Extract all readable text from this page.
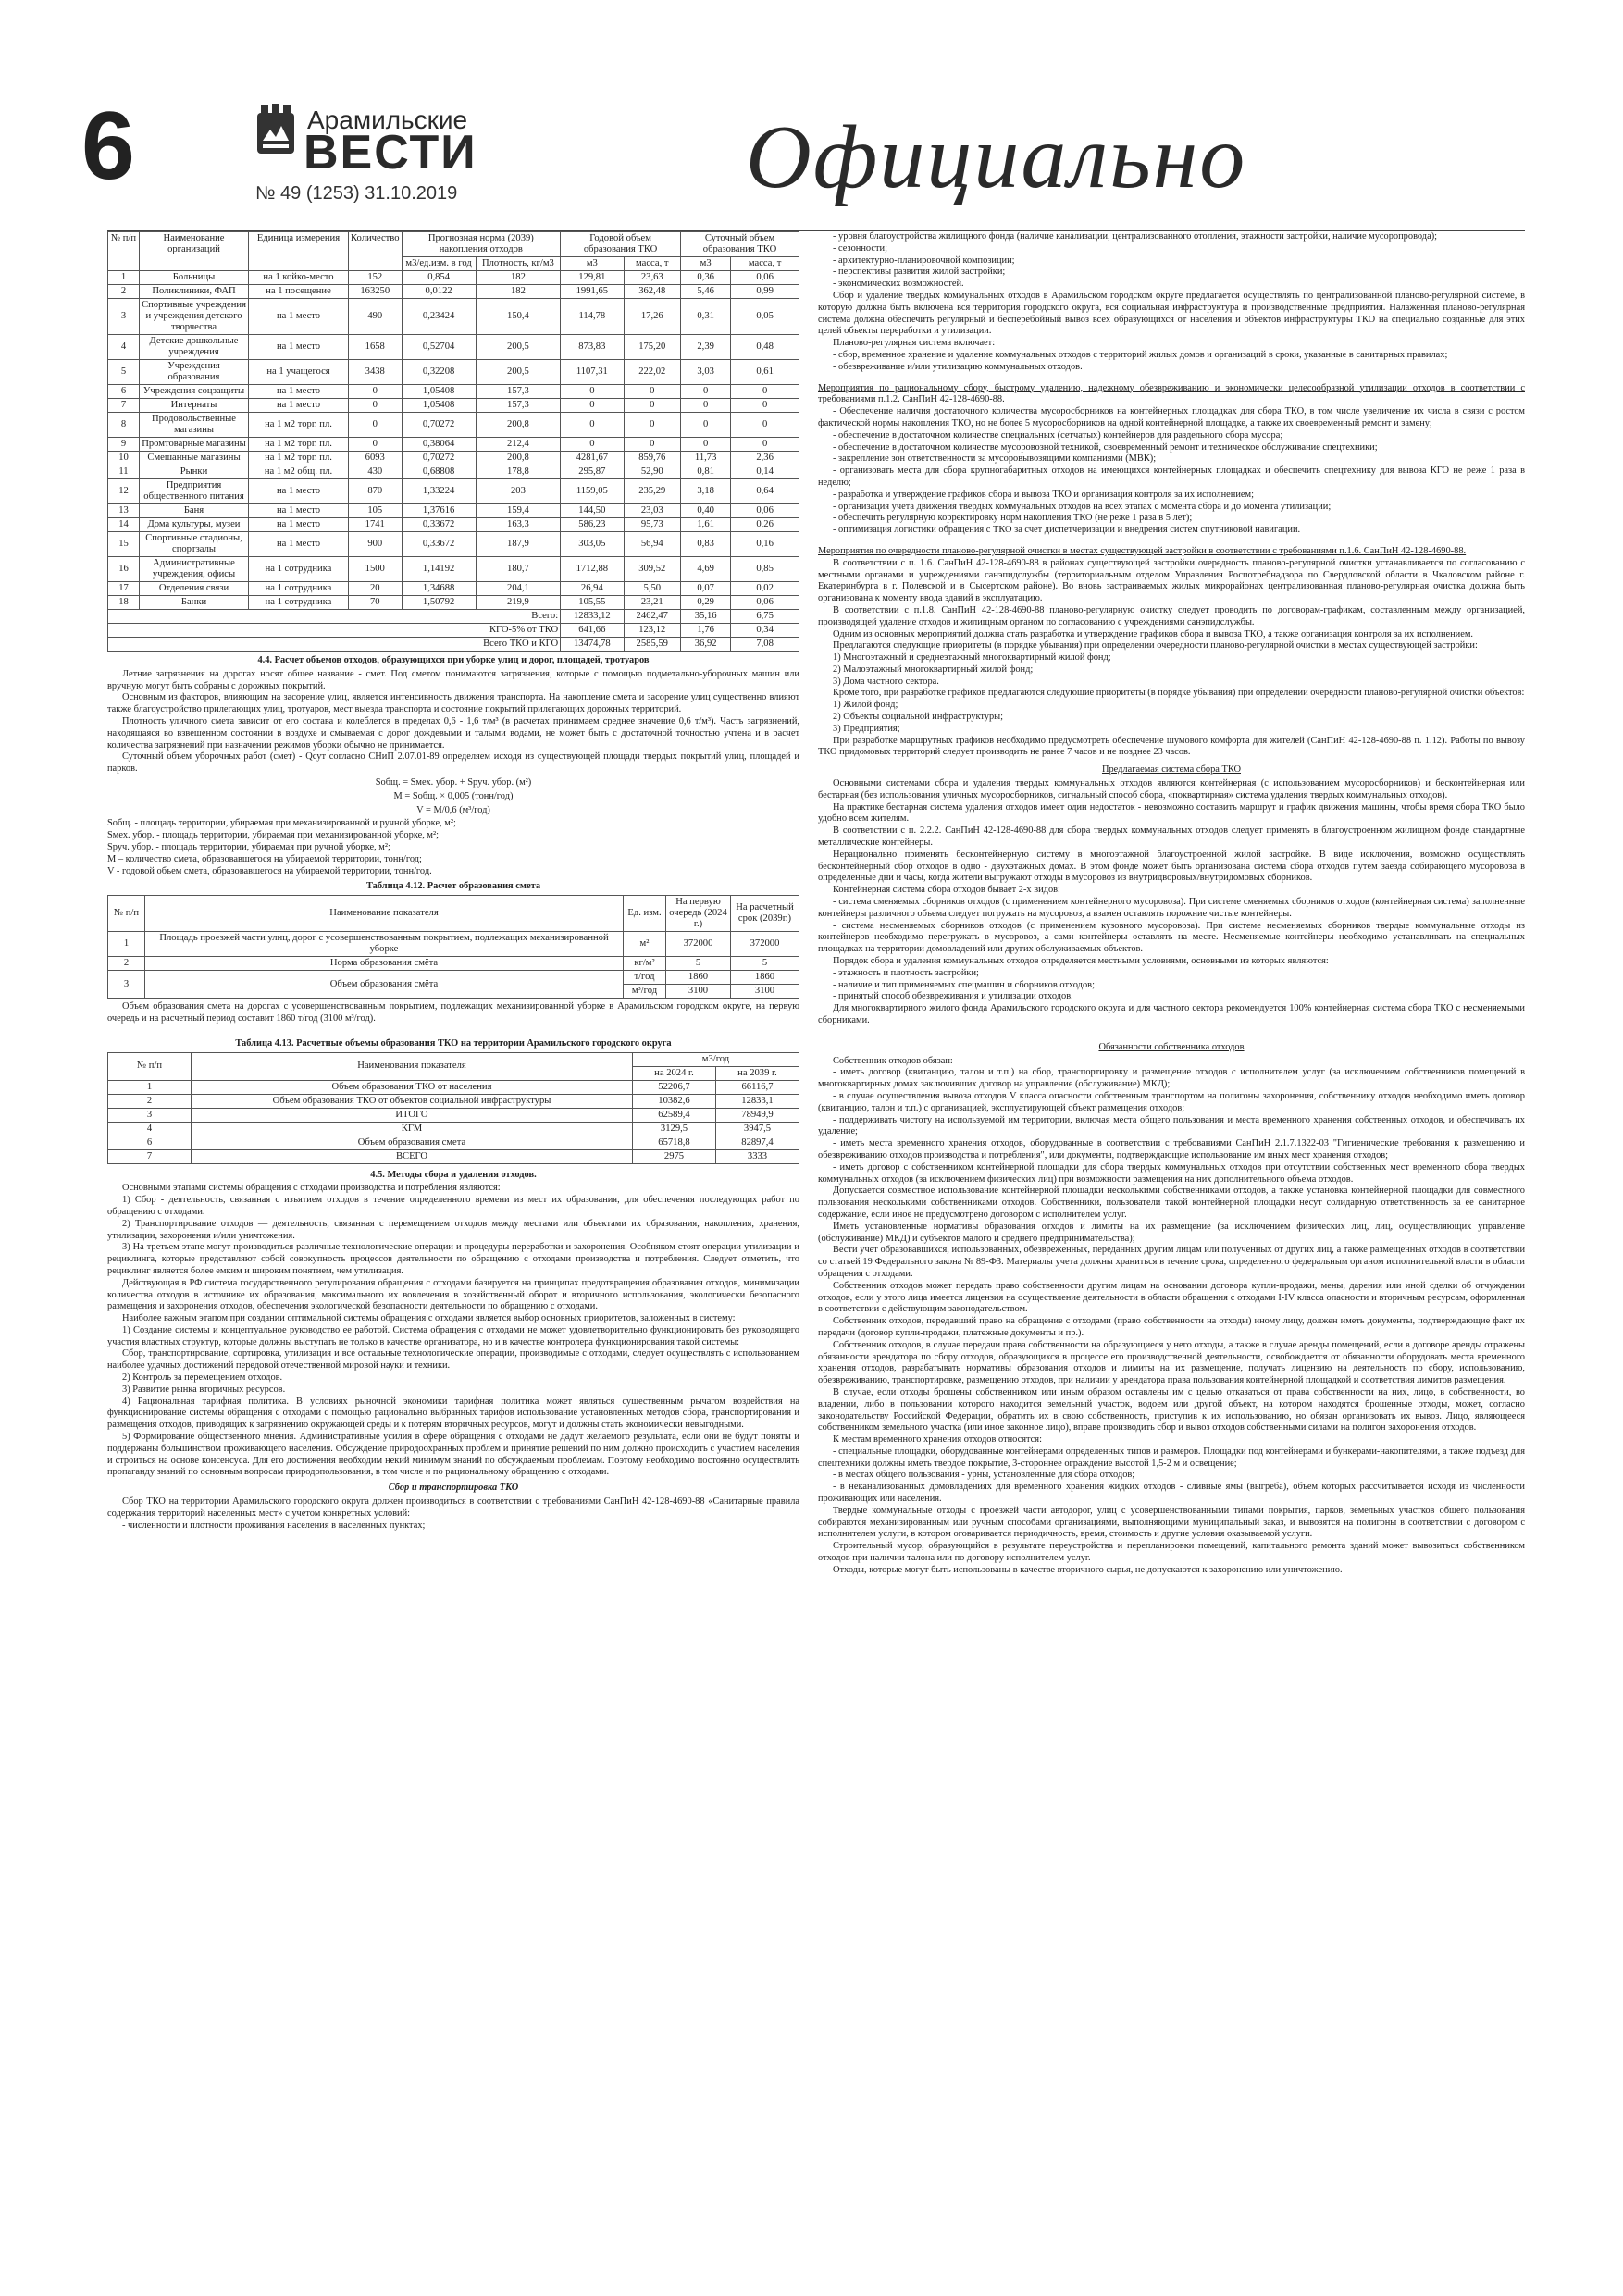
6	Арамильские
ВЕСТИ
№ 49 (1253) 31.10.2019	Официально
№ п/п	Наименование организаций	Единица измерения	Количество	Прогнозная норма (2039) накопления отходов		Годовой объем образования ТКО		Суточный объем образования ТКО	
				м3/ед.изм. в год	Плотность, кг/м3	м3	масса, т	м3	масса, т
1	Больницы	на 1 койко-место	152	0,854	182	129,81	23,63	0,36	0,06
2	Поликлиники, ФАП	на 1 посещение	163250	0,0122	182	1991,65	362,48	5,46	0,99
3	Спортивные учреждения и учреждения детского творчества	на 1 место	490	0,23424	150,4	114,78	17,26	0,31	0,05
4	Детские дошкольные учреждения	на 1 место	1658	0,52704	200,5	873,83	175,20	2,39	0,48
5	Учреждения образования	на 1 учащегося	3438	0,32208	200,5	1107,31	222,02	3,03	0,61
6	Учреждения соцзащиты	на 1 место	0	1,05408	157,3	0	0	0	0
7	Интернаты	на 1 место	0	1,05408	157,3	0	0	0	0
8	Продовольственные магазины	на 1 м2 торг. пл.	0	0,70272	200,8	0	0	0	0
9	Промтоварные магазины	на 1 м2 торг. пл.	0	0,38064	212,4	0	0	0	0
10	Смешанные магазины	на 1 м2 торг. пл.	6093	0,70272	200,8	4281,67	859,76	11,73	2,36
11	Рынки	на 1 м2 общ. пл.	430	0,68808	178,8	295,87	52,90	0,81	0,14
12	Предприятия общественного питания	на 1 место	870	1,33224	203	1159,05	235,29	3,18	0,64
13	Баня	на 1 место	105	1,37616	159,4	144,50	23,03	0,40	0,06
14	Дома культуры, музеи	на 1 место	1741	0,33672	163,3	586,23	95,73	1,61	0,26
15	Спортивные стадионы, спортзалы	на 1 место	900	0,33672	187,9	303,05	56,94	0,83	0,16
16	Административные учреждения, офисы	на 1 сотрудника	1500	1,14192	180,7	1712,88	309,52	4,69	0,85
17	Отделения связи	на 1 сотрудника	20	1,34688	204,1	26,94	5,50	0,07	0,02
18	Банки	на 1 сотрудника	70	1,50792	219,9	105,55	23,21	0,29	0,06
Всего:						12833,12	2462,47	35,16	6,75
КГО-5% от ТКО						641,66	123,12	1,76	0,34
Всего ТКО и КГО						13474,78	2585,59	36,92	7,08

4.4. Расчет объемов отходов, образующихся при уборке улиц и дорог, площадей, тротуаров

Летние загрязнения на дорогах носят общее название - смет. Под сметом понимаются загрязнения, которые с помощью подметально-уборочных машин или вручную могут быть собраны с дорожных покрытий.

Основным из факторов, влияющим на засорение улиц, является интенсивность движения транспорта. На накопление смета и засорение улиц существенно влияют также благоустройство прилегающих улиц, тротуаров, мест выезда транспорта и состояние покрытий прилегающих дорожных территорий.

Плотность уличного смета зависит от его состава и колеблется в пределах 0,6 - 1,6 т/м³ (в расчетах принимаем среднее значение 0,6 т/м³). Часть загрязнений, находящаяся во взвешенном состоянии в воздухе и смываемая с дорог дождевыми и талыми водами, не может быть с достаточной точностью учтена и в расчет количества загрязнений при назначении режимов уборки обычно не принимается.

Суточный объем уборочных работ (смет) - Qсут согласно СНиП 2.07.01-89 определяем исходя из существующей площади твердых покрытий улиц, площадей и парков.

Sобщ. = Sмех. убор. + Sруч. убор. (м²)

M = Sобщ. × 0,005 (тонн/год)

V = M/0,6 (м³/год)

Sобщ. - площадь территории, убираемая при механизированной и ручной уборке, м²;

Sмех. убор. - площадь территории, убираемая при механизированной уборке, м²;

Sруч. убор. - площадь территории, убираемая при ручной уборке, м²;

М – количество смета, образовавшегося на убираемой территории, тонн/год;

V - годовой объем смета, образовавшегося на убираемой территории, тонн/год.

Таблица 4.12. Расчет образования смета

№ п/п	Наименование показателя	Ед. изм.	На первую очередь (2024 г.)	На расчетный срок (2039г.)
1	Площадь проезжей части улиц, дорог с усовершенствованным покрытием, подлежащих механизированной уборке	м²	372000	372000
2	Норма образования смёта	кг/м²	5	5
3	Объем образования смёта	т/год	1860	1860
		м³/год	3100	3100

Объем образования смета на дорогах с усовершенствованным покрытием, подлежащих механизированной уборке в Арамильском городском округе, на первую очередь и на расчетный период составит 1860 т/год (3100 м³/год).

Таблица 4.13. Расчетные объемы образования ТКО на территории Арамильского городского округа

№ п/п	Наименования показателя	м3/год	
		на 2024 г.	на 2039 г.
1	Объем образования ТКО от населения	52206,7	66116,7
2	Объем образования ТКО от объектов социальной инфраструктуры	10382,6	12833,1
3	ИТОГО	62589,4	78949,9
4	КГМ	3129,5	3947,5
6	Объем образования смета	65718,8	82897,4
7	ВСЕГО	2975	3333

4.5. Методы сбора и удаления отходов.

Основными этапами системы обращения с отходами производства и потребления являются:

1) Сбор - деятельность, связанная с изъятием отходов в течение определенного времени из мест их образования, для обеспечения последующих работ по обращению с отходами.

2) Транспортирование отходов — деятельность, связанная с перемещением отходов между местами или объектами их образования, накопления, хранения, утилизации, захоронения и/или уничтожения.

3) На третьем этапе могут производиться различные технологические операции и процедуры переработки и захоронения. Особняком стоят операции утилизации и рециклинга, которые представляют собой совокупность процессов деятельности по обращению с отходами производства и потребления. Следует отметить, что рециклинг является более емким и широким понятием, чем утилизация.

Действующая в РФ система государственного регулирования обращения с отходами базируется на принципах предотвращения образования отходов, минимизации количества отходов в источнике их образования, максимального их вовлечения в хозяйственный оборот и вторичного использования, экологически безопасного размещения и захоронения отходов, обеспечения экологической безопасности деятельности по обращению с отходами.

Наиболее важным этапом при создании оптимальной системы обращения с отходами является выбор основных приоритетов, заложенных в систему:

1) Создание системы и концептуальное руководство ее работой. Система обращения с отходами не может удовлетворительно функционировать без руководящего участия властных структур, которые должны выступать не только в качестве организатора, но и в качестве контролера функционирования такой системы:

Сбор, транспортирование, сортировка, утилизация и все остальные технологические операции, производимые с отходами, следует осуществлять с использованием наиболее удачных достижений передовой отечественной мировой науки и техники.

2) Контроль за перемещением отходов.

3) Развитие рынка вторичных ресурсов.

4) Рациональная тарифная политика. В условиях рыночной экономики тарифная политика может являться существенным рычагом воздействия на функционирование системы обращения с отходами с помощью рационально выбранных тарифов использование установленных методов сбора, транспортирования и размещения отходов, приводящих к загрязнению окружающей среды и к потерям вторичных ресурсов, могут и должны стать экономически невыгодными.

5) Формирование общественного мнения. Административные усилия в сфере обращения с отходами не дадут желаемого результата, если они не будут поняты и поддержаны большинством проживающего населения. Обсуждение природоохранных проблем и принятие решений по ним должно происходить с участием населения и строиться на основе консенсуса. Для его достижения необходим некий минимум знаний по обсуждаемым проблемам. Поэтому необходимо постоянно осуществлять пропаганду знаний по основным вопросам природопользования, в том числе и по рациональному обращению с отходами.

Сбор и транспортировка ТКО

Сбор ТКО на территории Арамильского городского округа должен производиться в соответствии с требованиями СанПиН 42-128-4690-88 «Санитарные правила содержания территорий населенных мест» с учетом конкретных условий:

- численности и плотности проживания населения в населенных пунктах;

- уровня благоустройства жилищного фонда (наличие канализации, централизованного отопления, этажности застройки, наличие мусоропровода);

- сезонности;

- архитектурно-планировочной композиции;

- перспективы развития жилой застройки;

- экономических возможностей.

Сбор и удаление твердых коммунальных отходов в Арамильском городском округе предлагается осуществлять по централизованной планово-регулярной системе, в которую должна быть включена вся территория городского округа, вся социальная инфраструктура и производственные предприятия. Налаженная планово-регулярная система должна обеспечить регулярный и бесперебойный вывоз всех образующихся от населения и объектов инфраструктуры ТКО на специально созданные для этих целей объекты переработки и утилизации.

Планово-регулярная система включает:

- сбор, временное хранение и удаление коммунальных отходов с территорий жилых домов и организаций в сроки, указанные в санитарных правилах;

- обезвреживание и/или утилизацию коммунальных отходов.

Мероприятия по рациональному сбору, быстрому удалению, надежному обезвреживанию и экономически целесообразной утилизации отходов в соответствии с требованиями п.1.2. СанПиН 42-128-4690-88.

- Обеспечение наличия достаточного количества мусоросборников на контейнерных площадках для сбора ТКО, в том числе увеличение их числа в связи с ростом фактической нормы накопления ТКО, но не более 5 мусоросборников на одной контейнерной площадке, а также их своевременный ремонт и замену;

- обеспечение в достаточном количестве специальных (сетчатых) контейнеров для раздельного сбора мусора;

- обеспечение в достаточном количестве мусоровозной техникой, своевременный ремонт и техническое обслуживание спецтехники;

- закрепление зон ответственности за мусоровывозящими компаниями (МВК);

- организовать места для сбора крупногабаритных отходов на имеющихся контейнерных площадках и обеспечить спецтехнику для вывоза КГО не реже 1 раза в неделю;

- разработка и утверждение графиков сбора и вывоза ТКО и организация контроля за их исполнением;

- организация учета движения твердых коммунальных отходов на всех этапах с момента сбора и до момента утилизации;

- обеспечить регулярную корректировку норм накопления ТКО (не реже 1 раза в 5 лет);

- оптимизация логистики обращения с ТКО за счет диспетчеризации и внедрения систем спутниковой навигации.

Мероприятия по очередности планово-регулярной очистки в местах существующей застройки в соответствии с требованиями п.1.6. СанПиН 42-128-4690-88.

В соответствии с п. 1.6. СанПиН 42-128-4690-88 в районах существующей застройки очередность планово-регулярной очистки устанавливается по согласованию с местными органами и учреждениями санэпидслужбы (территориальным отделом Управления Роспотребнадзора по Свердловской области в Чкаловском районе г. Екатеринбурга в г. Полевской и в Сысертском районе). Во вновь застраиваемых жилых микрорайонах централизованная планово-регулярная очистка должна быть организована к моменту ввода зданий в эксплуатацию.

В соответствии с п.1.8. СанПиН 42-128-4690-88 планово-регулярную очистку следует проводить по договорам-графикам, составленным между организацией, производящей удаление отходов и жилищным органом по согласованию с учреждениями санэпидслужбы.

Одним из основных мероприятий должна стать разработка и утверждение графиков сбора и вывоза ТКО, а также организация контроля за их исполнением.

Предлагаются следующие приоритеты (в порядке убывания) при определении очередности планово-регулярной очистки в местах существующей застройки:

1) Многоэтажный и среднеэтажный многоквартирный жилой фонд;

2) Малоэтажный многоквартирный жилой фонд;

3) Дома частного сектора.

Кроме того, при разработке графиков предлагаются следующие приоритеты (в порядке убывания) при определении очередности планово-регулярной очистки объектов:

1) Жилой фонд;

2) Объекты социальной инфраструктуры;

3) Предприятия;

При разработке маршрутных графиков необходимо предусмотреть обеспечение шумового комфорта для жителей (СанПиН 42-128-4690-88 п. 1.12). Работы по вывозу ТКО придомовых территорий следует производить не ранее 7 часов и не позднее 23 часов.

Предлагаемая система сбора ТКО

Основными системами сбора и удаления твердых коммунальных отходов являются контейнерная (с использованием мусоросборников) и бесконтейнерная или бестарная (без использования уличных мусоросборников, сигнальный способ сбора, «поквартирная» система удаления твердых коммунальных отходов).

На практике бестарная система удаления отходов имеет один недостаток - невозможно составить маршрут и график движения машины, чтобы время сбора ТКО было удобно всем жителям.

В соответствии с п. 2.2.2. СанПиН 42-128-4690-88 для сбора твердых коммунальных отходов следует применять в благоустроенном жилищном фонде стандартные металлические контейнеры.

Нерационально применять бесконтейнерную систему в многоэтажной благоустроенной жилой застройке. В виде исключения, возможно осуществлять бесконтейнерный сбор отходов в одно - двухэтажных домах. В этом фонде может быть организована система сбора отходов путем заезда собирающего мусоровоза в определенные дни и часы, когда жители выгружают отходы в мусоровоз из внутридворовых/внутридомовых сборников.

Контейнерная система сбора отходов бывает 2-х видов:

- система сменяемых сборников отходов (с применением контейнерного мусоровоза). При системе сменяемых сборников отходов (контейнерная система) заполненные контейнеры различного объема следует погружать на мусоровоз, а взамен оставлять порожние чистые контейнеры.

- система несменяемых сборников отходов (с применением кузовного мусоровоза). При системе несменяемых сборников твердые коммунальные отходы из контейнеров необходимо перегружать в мусоровоз, а сами контейнеры оставлять на месте. Несменяемые контейнеры необходимо устанавливать на специальных площадках на территории домовладений или других обслуживаемых объектов.

Порядок сбора и удаления коммунальных отходов определяется местными условиями, основными из которых являются:

- этажность и плотность застройки;

- наличие и тип применяемых спецмашин и сборников отходов;

- принятый способ обезвреживания и утилизации отходов.

Для многоквартирного жилого фонда Арамильского городского округа и для частного сектора рекомендуется 100% контейнерная система сбора ТКО с несменяемыми сборниками.

Обязанности собственника отходов

Собственник отходов обязан:

- иметь договор (квитанцию, талон и т.п.) на сбор, транспортировку и размещение отходов с исполнителем услуг (за исключением собственников помещений в многоквартирных домах заключивших договор на управление (обслуживание) МКД);

- в случае осуществления вывоза отходов V класса опасности собственным транспортом на полигоны захоронения, собственнику отходов необходимо иметь договор (квитанцию, талон и т.п.) с организацией, эксплуатирующей объект размещения отходов;

- поддерживать чистоту на используемой им территории, включая места общего пользования и места временного хранения собственных отходов, и обеспечивать их удаление;

- иметь места временного хранения отходов, оборудованные в соответствии с требованиями СанПиН 2.1.7.1322-03 "Гигиенические требования к размещению и обезвреживанию отходов производства и потребления", или документы, подтверждающие использование им иных мест хранения отходов;

- иметь договор с собственником контейнерной площадки для сбора твердых коммунальных отходов при отсутствии собственных мест временного сбора твердых коммунальных отходов (за исключением физических лиц) при возможности размещения на них дополнительного объема отходов.

Допускается совместное использование контейнерной площадки несколькими собственниками отходов, а также установка контейнерной площадки для совместного пользования несколькими собственниками отходов. Собственники, пользователи такой контейнерной площадки несут солидарную ответственность за ее санитарное содержание, если иное не предусмотрено договором с исполнителем услуг.

Иметь установленные нормативы образования отходов и лимиты на их размещение (за исключением физических лиц, лиц, осуществляющих управление (обслуживание) МКД) и субъектов малого и среднего предпринимательства);

Вести учет образовавшихся, использованных, обезвреженных, переданных другим лицам или полученных от других лиц, а также размещенных отходов в соответствии со статьей 19 Федерального закона № 89-ФЗ. Материалы учета должны храниться в течение срока, определенного федеральным органом исполнительной власти в области обращения с отходами.

Собственник отходов может передать право собственности другим лицам на основании договора купли-продажи, мены, дарения или иной сделки об отчуждении отходов, если у этого лица имеется лицензия на осуществление деятельности в области обращения с отходами I-IV класса опасности и вторичным ресурсам, оформленная в соответствии с действующим законодательством.

Собственник отходов, передавший право на обращение с отходами (право собственности на отходы) иному лицу, должен иметь документы, подтверждающие факт их передачи (договор купли-продажи, платежные документы и пр.).

Собственник отходов, в случае передачи права собственности на образующиеся у него отходы, а также в случае аренды помещений, если в договоре аренды отражены обязанности арендатора по сбору отходов, образующихся в процессе его производственной деятельности, освобождается от обязанности оборудовать места временного хранения отходов, разрабатывать нормативы образования отходов и лимиты на их размещение, получать лицензию на деятельность по сбору, использованию, обезвреживанию, транспортировке, размещению отходов, при наличии у арендатора права пользования контейнерной площадкой и соответствия лимитов размещения.

В случае, если отходы брошены собственником или иным образом оставлены им с целью отказаться от права собственности на них, лицо, в собственности, во владении, либо в пользовании которого находится земельный участок, водоем или другой объект, на котором находятся брошенные отходы, может, согласно законодательству Российской Федерации, обратить их в свою собственность, приступив к их использованию, но обязан организовать их вывоз. Лицо, являющееся собственником земельного участка (или иное законное лицо), вправе производить сбор и вывоз отходов собственными силами на полигон захоронения отходов.

К местам временного хранения отходов относятся:

- специальные площадки, оборудованные контейнерами определенных типов и размеров. Площадки под контейнерами и бункерами-накопителями, а также подъезд для спецтехники должны иметь твердое покрытие, 3-стороннее ограждение высотой 1,5-2 м и освещение;

- в местах общего пользования - урны, установленные для сбора отходов;

- в неканализованных домовладениях для временного хранения жидких отходов - сливные ямы (выгреба), объем которых рассчитывается исходя из численности проживающих или населения.

Твердые коммунальные отходы с проезжей части автодорог, улиц с усовершенствованными типами покрытия, парков, земельных участков общего пользования собираются механизированным или ручным способами организациями, выполняющими муниципальный заказ, и вывозятся на полигоны в соответствии с договором с исполнителем услуги, в котором оговаривается периодичность, время, стоимость и другие условия оказываемой услуги.

Строительный мусор, образующийся в результате переустройства и перепланировки помещений, капитального ремонта зданий может вывозиться собственником отходов при наличии талона или по договору исполнителем услуг.

Отходы, которые могут быть использованы в качестве вторичного сырья, не допускаются к захоронению или уничтожению.
